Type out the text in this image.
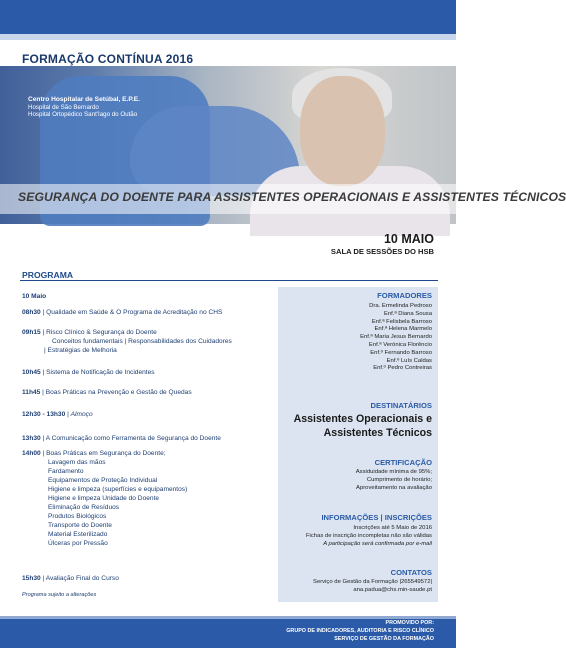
FORMAÇÃO CONTÍNUA 2016
Centro Hospitalar de Setúbal, E.P.E.
Hospital de São Bernardo
Hospital Ortopédico Sant'Iago do Outão
SEGURANÇA DO DOENTE PARA ASSISTENTES OPERACIONAIS E ASSISTENTES TÉCNICOS
10 MAIO
SALA DE SESSÕES DO HSB
PROGRAMA
10 Maio
08h30 | Qualidade em Saúde & O Programa de Acreditação no CHS
09h15 | Risco Clínico & Segurança do Doente
Conceitos fundamentais | Responsabilidades dos Cuidadores
| Estratégias de Melhoria
10h45 | Sistema de Notificação de Incidentes
11h45 | Boas Práticas na Prevenção e Gestão de Quedas
12h30 - 13h30 | Almoço
13h30 | A Comunicação como Ferramenta de Segurança do Doente
14h00 | Boas Práticas em Segurança do Doente;
Lavagem das mãos
Fardamento
Equipamentos de Proteção Individual
Higiene e limpeza (superfícies e equipamentos)
Higiene e limpeza Unidade do Doente
Eliminação de Resíduos
Produtos Biológicos
Transporte do Doente
Material Esterilizado
Úlceras por Pressão
15h30 | Avaliação Final do Curso
Programa sujeito a alterações
FORMADORES
Dra. Ermelinda Pedroso
Enf.ª Diana Sousa
Enf.ª Felisbela Barroso
Enf.ª Helena Marmelo
Enf.ª Maria Jesus Bernardo
Enf.ª Verónica Florêncio
Enf.º Fernando Barroso
Enf.º Luís Caldas
Enf.º Pedro Contreiras
DESTINATÁRIOS
Assistentes Operacionais e
Assistentes Técnicos
CERTIFICAÇÃO
Assiduidade mínima de 95%;
Cumprimento de horário;
Aproveitamento na avaliação
INFORMAÇÕES | INSCRIÇÕES
Inscrições até 5 Maio de 2016
Fichas de inscrição incompletas não são válidas
A participação será confirmada por e-mail
CONTATOS
Serviço de Gestão da Formação |265549572|
ana.padua@chs.min-saude.pt
PROMOVIDO POR:
GRUPO DE INDICADORES, AUDITORIA E RISCO CLÍNICO
SERVIÇO DE GESTÃO DA FORMAÇÃO
